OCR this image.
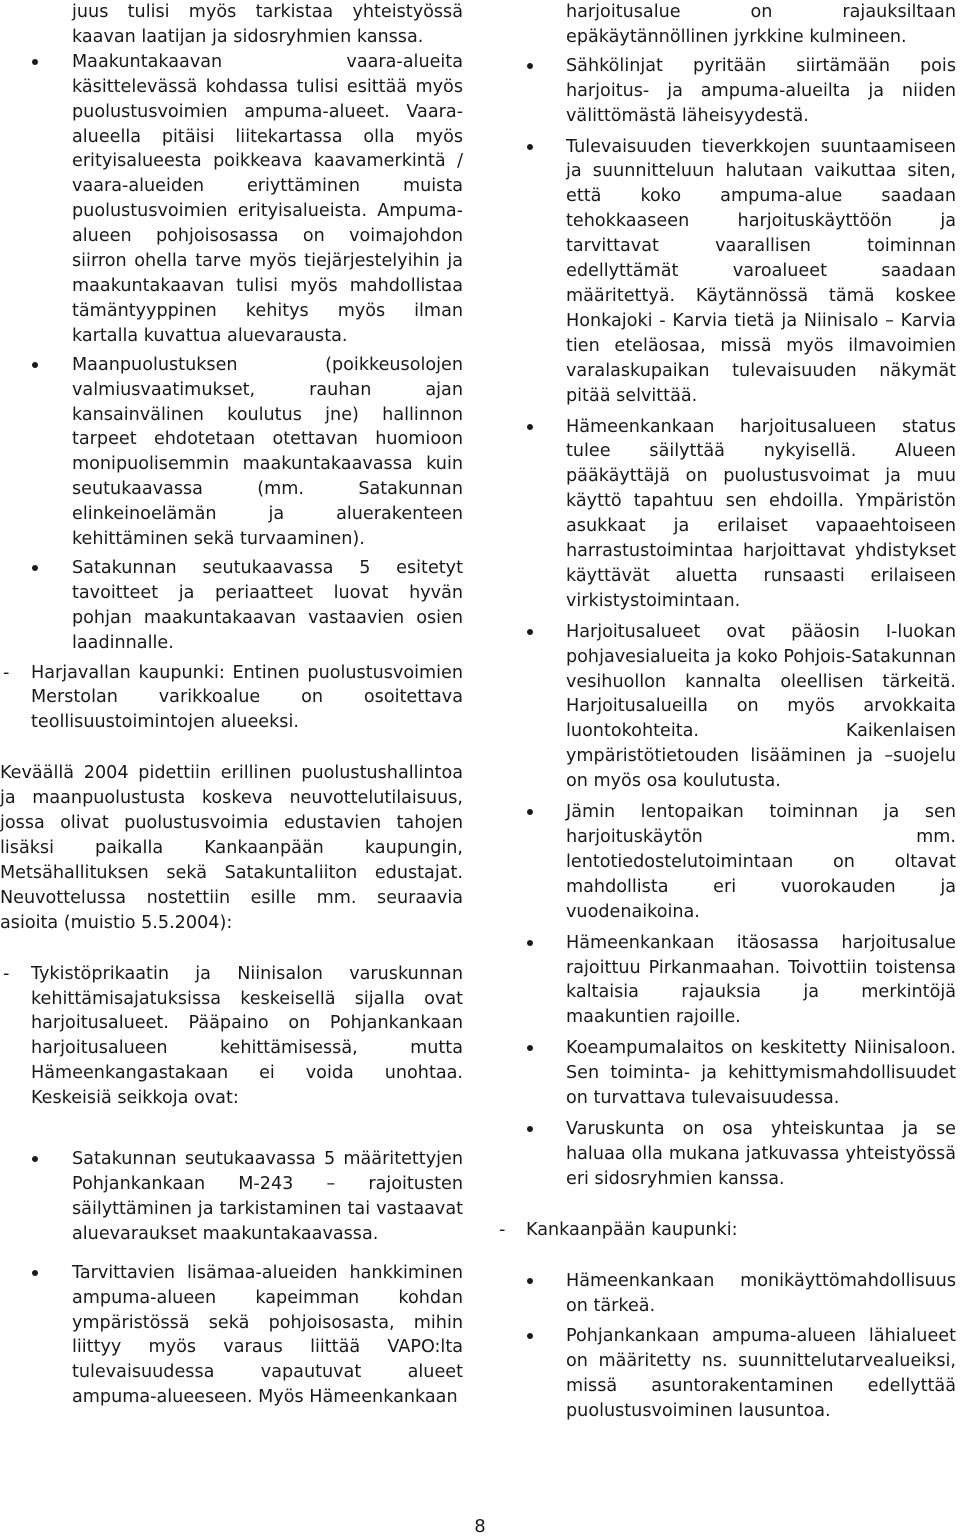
juus tulisi myös tarkistaa yhteistyössä kaavan laatijan ja sidosryhmien kanssa.

Maakuntakaavan vaara-alueita käsittelevässä kohdassa tulisi esittää myös puolustusvoimien ampuma-alueet. Vaara-alueella pitäisi liitekartassa olla myös erityisalueesta poikkeava kaavamerkintä / vaara-alueiden eriyttäminen muista puolustusvoimien erityisalueista. Ampuma-alueen pohjoisosassa on voimajohdon siirron ohella tarve myös tiejärjestelyihin ja maakuntakaavan tulisi myös mahdollistaa tämäntyyppinen kehitys myös ilman kartalla kuvattua aluevarausta.

Maanpuolustuksen (poikkeusolojen valmiusvaatimukset, rauhan ajan kansainvälinen koulutus jne) hallinnon tarpeet ehdotetaan otettavan huomioon monipuolisemmin maakuntakaavassa kuin seutukaavassa (mm. Satakunnan elinkeinoelämän ja aluerakenteen kehittäminen sekä turvaaminen).

Satakunnan seutukaavassa 5 esitetyt tavoitteet ja periaatteet luovat hyvän pohjan maakuntakaavan vastaavien osien laadinnalle.

- Harjavallan kaupunki: Entinen puolustusvoimien Merstolan varikkoalue on osoitettava teollisuustoimintojen alueeksi.

Keväällä 2004 pidettiin erillinen puolustushallintoa ja maanpuolustusta koskeva neuvottelutilaisuus, jossa olivat puolustusvoimia edustavien tahojen lisäksi paikalla Kankaanpään kaupungin, Metsähallituksen sekä Satakuntaliiton edustajat. Neuvottelussa nostettiin esille mm. seuraavia asioita (muistio 5.5.2004):

- Tykistöprikaatin ja Niinisalon varuskunnan kehittämisajatuksissa keskeisellä sijalla ovat harjoitusalueet. Pääpaino on Pohjankankaan harjoitusalueen kehittämisessä, mutta Hämeenkangastakaan ei voida unohtaa. Keskeisiä seikkoja ovat:

Satakunnan seutukaavassa 5 määritettyjen Pohjankankaan M-243 – rajoitusten säilyttäminen ja tarkistaminen tai vastaavat aluevaraukset maakuntakaavassa.

Tarvittavien lisämaa-alueiden hankkiminen ampuma-alueen kapeimman kohdan ympäristössä sekä pohjoisosasta, mihin liittyy myös varaus liittää VAPO:lta tulevaisuudessa vapautuvat alueet ampuma-alueeseen. Myös Hämeenkankaan

harjoitusalue on rajauksiltaan epäkäytännöllinen jyrkkine kulmineen.

Sähkölinjat pyritään siirtämään pois harjoitus- ja ampuma-alueilta ja niiden välittömästä läheisyydestä.

Tulevaisuuden tieverkkojen suuntaamiseen ja suunnitteluun halutaan vaikuttaa siten, että koko ampuma-alue saadaan tehokkaaseen harjoituskäyttöön ja tarvittavat vaarallisen toiminnan edellyttämät varoalueet saadaan määritettyä. Käytännössä tämä koskee Honkajoki - Karvia tietä ja Niinisalo – Karvia tien eteläosaa, missä myös ilmavoimien varalaskupaikan tulevaisuuden näkymät pitää selvittää.

Hämeenkankaan harjoitusalueen status tulee säilyttää nykyisellä. Alueen pääkäyttäjä on puolustusvoimat ja muu käyttö tapahtuu sen ehdoilla. Ympäristön asukkaat ja erilaiset vapaaehtoiseen harrastustoimintaa harjoittavat yhdistykset käyttävät aluetta runsaasti erilaiseen virkistystoimintaan.

Harjoitusalueet ovat pääosin I-luokan pohjavesialueita ja koko Pohjois-Satakunnan vesihuollon kannalta oleellisen tärkeitä. Harjoitusalueilla on myös arvokkaita luontokohteita. Kaikenlaisen ympäristötietouden lisääminen ja –suojelu on myös osa koulutusta.

Jämin lentopaikan toiminnan ja sen harjoituskäytön mm. lentotiedostelutoimintaan on oltavat mahdollista eri vuorokauden ja vuodenaikoina.

Hämeenkankaan itäosassa harjoitusalue rajoittuu Pirkanmaahan. Toivottiin toistensa kaltaisia rajauksia ja merkintöjä maakuntien rajoille.

Koeampumalaitos on keskitetty Niinisaloon. Sen toiminta- ja kehittymismahdollisuudet on turvattava tulevaisuudessa.

Varuskunta on osa yhteiskuntaa ja se haluaa olla mukana jatkuvassa yhteistyössä eri sidosryhmien kanssa.

- Kankaanpään kaupunki:

Hämeenkankaan monikäyttömahdollisuus on tärkeä.

Pohjankankaan ampuma-alueen lähialueet on määritetty ns. suunnittelutarvealueiksi, missä asuntorakentaminen edellyttää puolustusvoiminen lausuntoa.

8
